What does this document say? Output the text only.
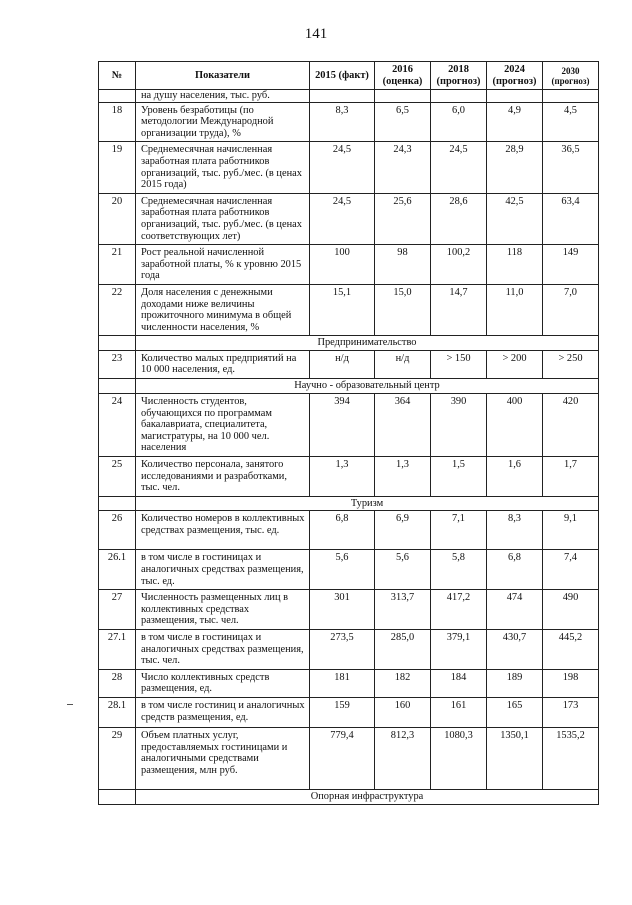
141
№	Показатели	2015 (факт)	2016 (оценка)	2018 (прогноз)	2024 (прогноз)	2030 (прогноз)
	на душу населения, тыс. руб.					
18	Уровень безработицы (по методологии Международной организации труда), %	8,3	6,5	6,0	4,9	4,5
19	Среднемесячная начисленная заработная плата работников организаций, тыс. руб./мес. (в ценах 2015 года)	24,5	24,3	24,5	28,9	36,5
20	Среднемесячная начисленная заработная плата работников организаций, тыс. руб./мес. (в ценах соответствующих лет)	24,5	25,6	28,6	42,5	63,4
21	Рост реальной начисленной заработной платы, % к уровню 2015 года	100	98	100,2	118	149
22	Доля населения с денежными доходами ниже величины прожиточного минимума в общей численности населения, %	15,1	15,0	14,7	11,0	7,0
	Предпринимательство					
23	Количество малых предприятий на 10 000 населения, ед.	н/д	н/д	> 150	> 200	> 250
	Научно - образовательный центр					
24	Численность студентов, обучающихся по программам бакалавриата, специалитета, магистратуры, на 10 000 чел. населения	394	364	390	400	420
25	Количество персонала, занятого исследованиями и разработками, тыс. чел.	1,3	1,3	1,5	1,6	1,7
	Туризм					
26	Количество номеров в коллективных средствах размещения, тыс. ед.	6,8	6,9	7,1	8,3	9,1
26.1	в том числе в гостиницах и аналогичных средствах размещения, тыс. ед.	5,6	5,6	5,8	6,8	7,4
27	Численность размещенных лиц в коллективных средствах размещения, тыс. чел.	301	313,7	417,2	474	490
27.1	в том числе в гостиницах и аналогичных средствах размещения, тыс. чел.	273,5	285,0	379,1	430,7	445,2
28	Число коллективных средств размещения, ед.	181	182	184	189	198
28.1	в том числе гостиниц и аналогичных средств размещения, ед.	159	160	161	165	173
29	Объем платных услуг, предоставляемых гостиницами и аналогичными средствами размещения, млн руб.	779,4	812,3	1080,3	1350,1	1535,2
	Опорная инфраструктура					
